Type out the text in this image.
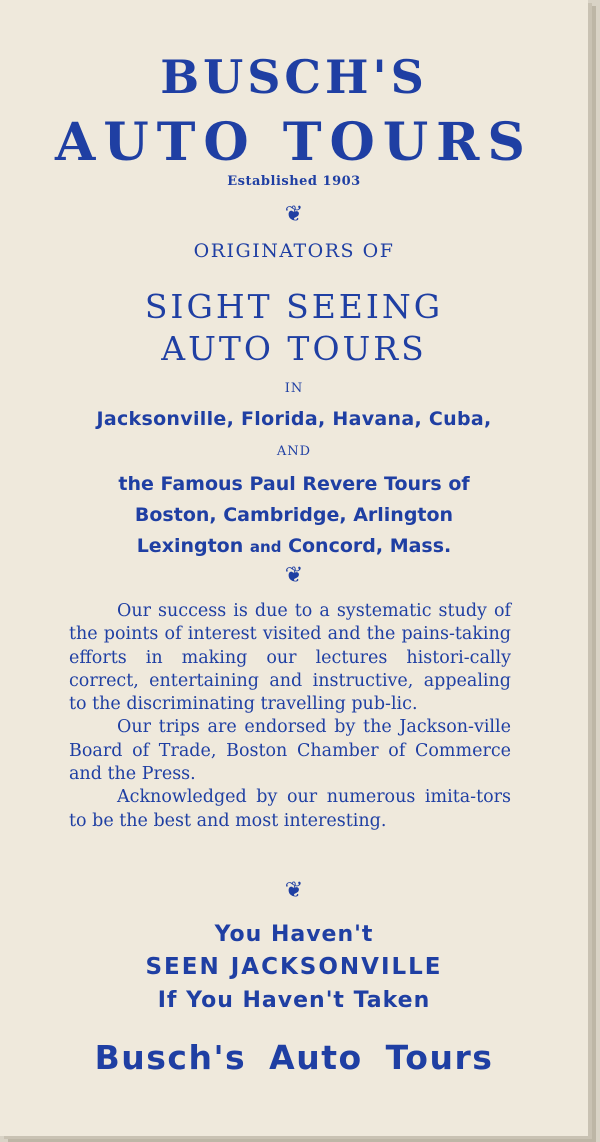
BUSCH'S
AUTO TOURS

Established 1903

❦

ORIGINATORS OF

SIGHT SEEING
AUTO TOURS

IN

Jacksonville, Florida, Havana, Cuba,

AND

the Famous Paul Revere Tours of
Boston, Cambridge, Arlington
Lexington and Concord, Mass.

❦

Our success is due to a systematic study of the points of interest visited and the pains-taking efforts in making our lectures histori-cally correct, entertaining and instructive, appealing to the discriminating travelling pub-lic.

Our trips are endorsed by the Jackson-ville Board of Trade, Boston Chamber of Commerce and the Press.

Acknowledged by our numerous imita-tors to be the best and most interesting.

❦

You Haven't
SEEN JACKSONVILLE
If You Haven't Taken

Busch's Auto Tours
